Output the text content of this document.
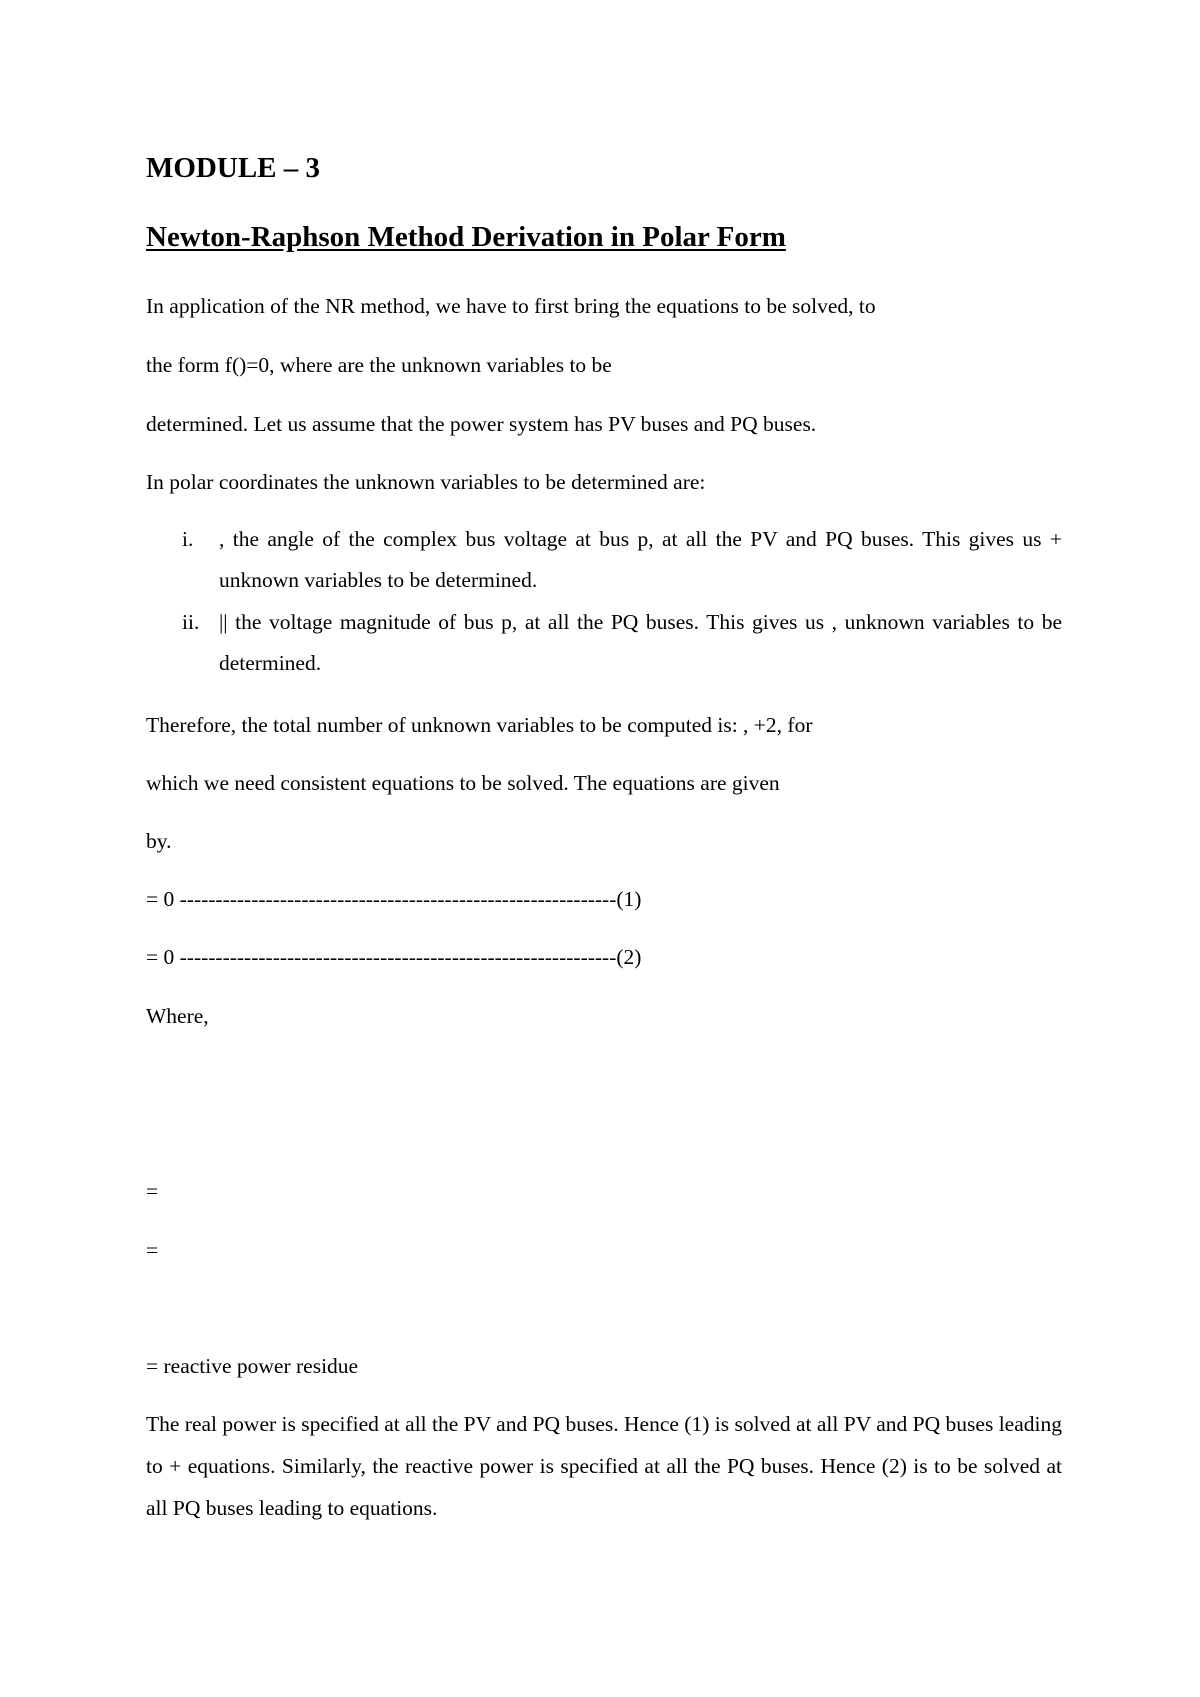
MODULE – 3
Newton-Raphson Method Derivation in Polar Form
In application of the NR method, we have to first bring the equations to be solved, to
the form f()=0, where are the unknown variables to be
determined. Let us assume that the power system has PV buses and PQ buses.
In polar coordinates the unknown variables to be determined are:
i.	, the angle of the complex bus voltage at bus p, at all the PV and PQ buses. This gives us + unknown variables to be determined.
ii. || the voltage magnitude of bus p, at all the PQ buses. This gives us , unknown variables to be determined.
Therefore, the total number of unknown variables to be computed is: , +2, for
which we need consistent equations to be solved. The equations are given
by.
= 0 -------------------------------------------------------------(1)
= 0 -------------------------------------------------------------(2)
Where,
=
=
= reactive power residue
The real power is specified at all the PV and PQ buses. Hence (1) is solved at all PV and PQ buses leading to + equations. Similarly, the reactive power is specified at all the PQ buses. Hence (2) is to be solved at all PQ buses leading to equations.
